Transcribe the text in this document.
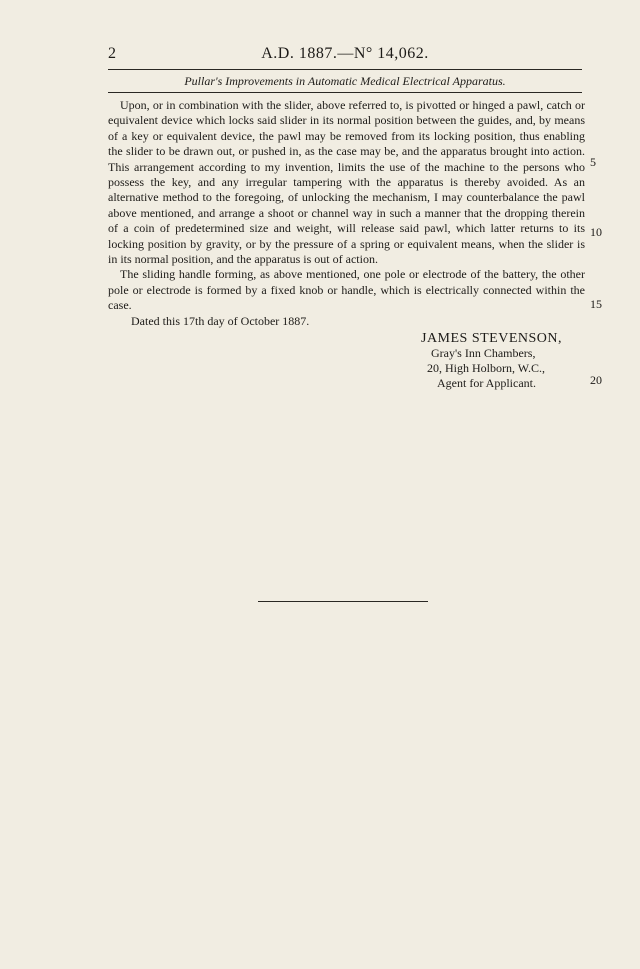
2	A.D. 1887.—N° 14,062.
Pullar's Improvements in Automatic Medical Electrical Apparatus.

Upon, or in combination with the slider, above referred to, is pivotted or hinged a pawl, catch or equivalent device which locks said slider in its normal position between the guides, and, by means of a key or equivalent device, the pawl may be removed from its locking position, thus enabling the slider to be drawn out, or pushed in, as the case may be, and the apparatus brought into action. This arrangement according to my invention, limits the use of the machine to the persons who possess the key, and any irregular tampering with the apparatus is thereby avoided. As an alternative method to the foregoing, of unlocking the mechanism, I may counterbalance the pawl above mentioned, and arrange a shoot or channel way in such a manner that the dropping therein of a coin of predetermined size and weight, will release said pawl, which latter returns to its locking position by gravity, or by the pressure of a spring or equivalent means, when the slider is in its normal position, and the apparatus is out of action.

The sliding handle forming, as above mentioned, one pole or electrode of the battery, the other pole or electrode is formed by a fixed knob or handle, which is electrically connected within the case.

5
10
15
20
Dated this 17th day of October 1887.
JAMES STEVENSON,
Gray's Inn Chambers,
20, High Holborn, W.C.,
Agent for Applicant.
